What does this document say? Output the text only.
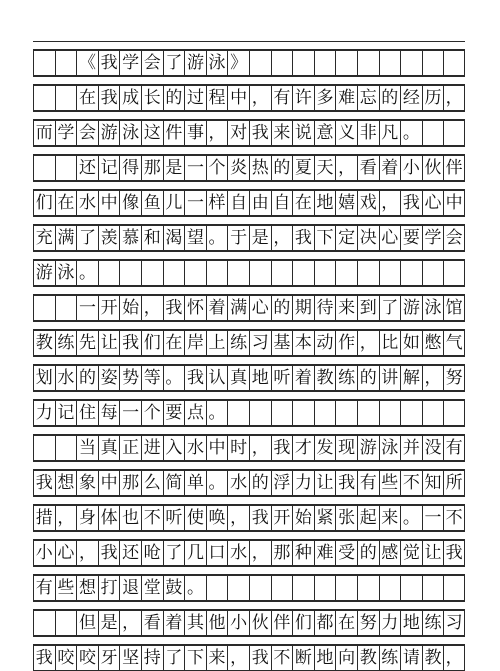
《 我 学 会 了 游 泳 》
在 我 成 长 的 过 程 中 ， 有 许 多 难 忘 的 经 历 ，
而 学 会 游 泳 这 件 事 ， 对 我 来 说 意 义 非 凡 。
还 记 得 那 是 一 个 炎 热 的 夏 天 ， 看 着 小 伙 伴
们 在 水 中 像 鱼 儿 一 样 自 由 自 在 地 嬉 戏 ， 我 心 中
充 满 了 羡 慕 和 渴 望 。 于 是 ， 我 下 定 决 心 要 学 会
游 泳 。
一 开 始 ， 我 怀 着 满 心 的 期 待 来 到 了 游 泳 馆
教 练 先 让 我 们 在 岸 上 练 习 基 本 动 作 ， 比 如 憋 气
划 水 的 姿 势 等 。 我 认 真 地 听 着 教 练 的 讲 解 ， 努
力 记 住 每 一 个 要 点 。
当 真 正 进 入 水 中 时 ， 我 才 发 现 游 泳 并 没 有
我 想 象 中 那 么 简 单 。 水 的 浮 力 让 我 有 些 不 知 所
措 ， 身 体 也 不 听 使 唤 ， 我 开 始 紧 张 起 来 。 一 不
小 心 ， 我 还 呛 了 几 口 水 ， 那 种 难 受 的 感 觉 让 我
有 些 想 打 退 堂 鼓 。
但 是 ， 看 着 其 他 小 伙 伴 们 都 在 努 力 地 练 习
我 咬 咬 牙 坚 持 了 下 来 ， 我 不 断 地 向 教 练 请 教 ，
